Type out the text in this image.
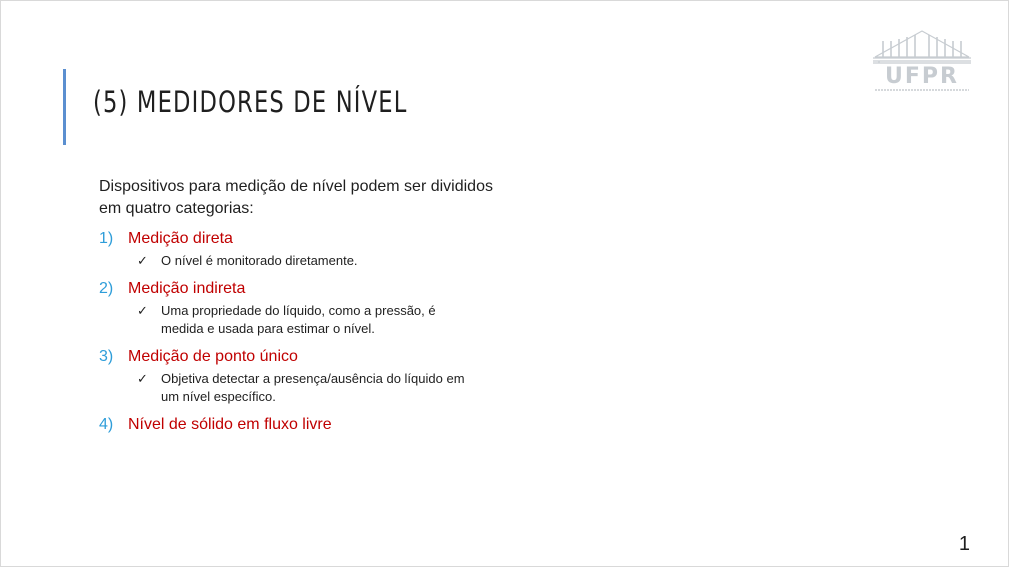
(5) MEDIDORES DE NÍVEL
UFPR

Dispositivos para medição de nível podem ser divididos em quatro categorias:

1) Medição direta
✓	O nível é monitorado diretamente.
2) Medição indireta
✓	Uma propriedade do líquido, como a pressão, é medida e usada para estimar o nível.
3) Medição de ponto único
✓	Objetiva detectar a presença/ausência do líquido em um nível específico.
4) Nível de sólido em fluxo livre
1
